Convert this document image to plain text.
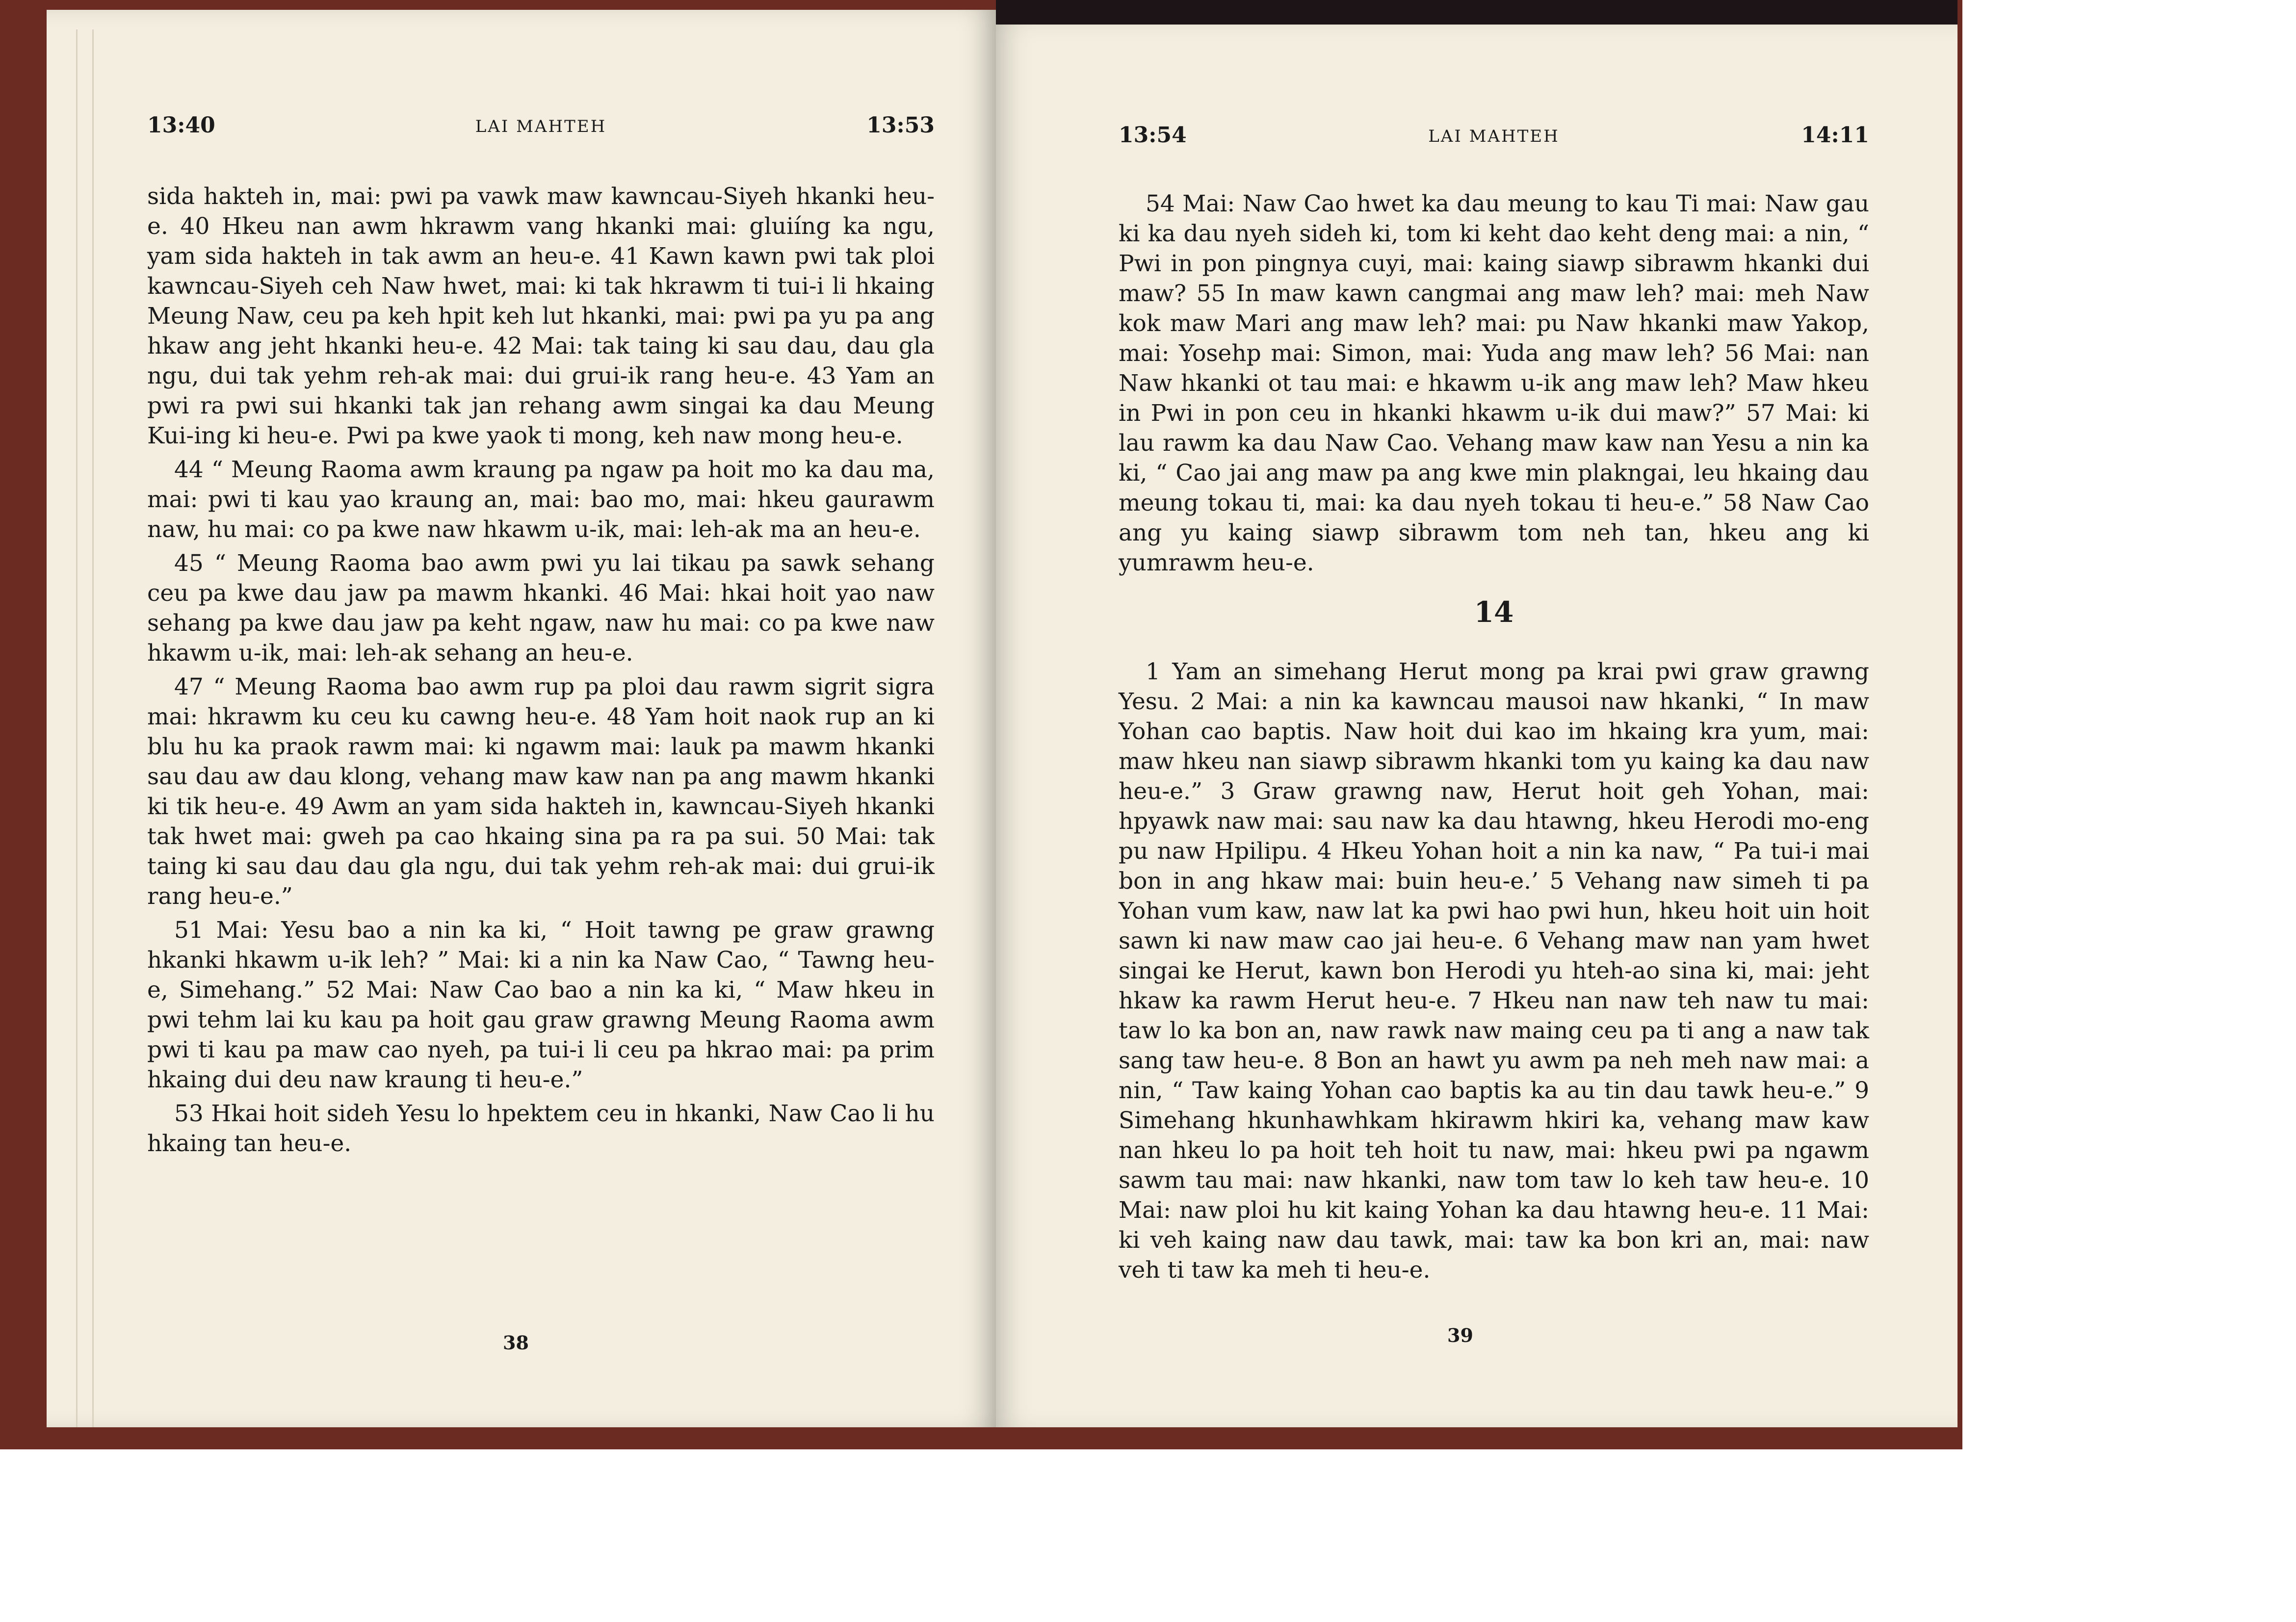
13:40	LAI MAHTEH	13:53

sida hakteh in, mai: pwi pa vawk maw kawncau-Siyeh hkanki heu-e. 40 Hkeu nan awm hkrawm vang hkanki mai: gluiíng ka ngu, yam sida hakteh in tak awm an heu-e. 41 Kawn kawn pwi tak ploi kawncau-Siyeh ceh Naw hwet, mai: ki tak hkrawm ti tui-i li hkaing Meung Naw, ceu pa keh hpit keh lut hkanki, mai: pwi pa yu pa ang hkaw ang jeht hkanki heu-e. 42 Mai: tak taing ki sau dau, dau gla ngu, dui tak yehm reh-ak mai: dui grui-ik rang heu-e. 43 Yam an pwi ra pwi sui hkanki tak jan rehang awm singai ka dau Meung Kui-ing ki heu-e. Pwi pa kwe yaok ti mong, keh naw mong heu-e.

44 “ Meung Raoma awm kraung pa ngaw pa hoit mo ka dau ma, mai: pwi ti kau yao kraung an, mai: bao mo, mai: hkeu gaurawm naw, hu mai: co pa kwe naw hkawm u-ik, mai: leh-ak ma an heu-e.

45 “ Meung Raoma bao awm pwi yu lai tikau pa sawk sehang ceu pa kwe dau jaw pa mawm hkanki. 46 Mai: hkai hoit yao naw sehang pa kwe dau jaw pa keht ngaw, naw hu mai: co pa kwe naw hkawm u-ik, mai: leh-ak sehang an heu-e.

47 “ Meung Raoma bao awm rup pa ploi dau rawm sigrit sigra mai: hkrawm ku ceu ku cawng heu-e. 48 Yam hoit naok rup an ki blu hu ka praok rawm mai: ki ngawm mai: lauk pa mawm hkanki sau dau aw dau klong, vehang maw kaw nan pa ang mawm hkanki ki tik heu-e. 49 Awm an yam sida hakteh in, kawncau-Siyeh hkanki tak hwet mai: gweh pa cao hkaing sina pa ra pa sui. 50 Mai: tak taing ki sau dau dau gla ngu, dui tak yehm reh-ak mai: dui grui-ik rang heu-e.”

51 Mai: Yesu bao a nin ka ki, “ Hoit tawng pe graw grawng hkanki hkawm u-ik leh? ” Mai: ki a nin ka Naw Cao, “ Tawng heu-e, Simehang.” 52 Mai: Naw Cao bao a nin ka ki, “ Maw hkeu in pwi tehm lai ku kau pa hoit gau graw grawng Meung Raoma awm pwi ti kau pa maw cao nyeh, pa tui-i li ceu pa hkrao mai: pa prim hkaing dui deu naw kraung ti heu-e.”

53 Hkai hoit sideh Yesu lo hpektem ceu in hkanki, Naw Cao li hu hkaing tan heu-e.

38
13:54	LAI MAHTEH	14:11

54 Mai: Naw Cao hwet ka dau meung to kau Ti mai: Naw gau ki ka dau nyeh sideh ki, tom ki keht dao keht deng mai: a nin, “ Pwi in pon pingnya cuyi, mai: kaing siawp sibrawm hkanki dui maw? 55 In maw kawn cangmai ang maw leh? mai: meh Naw kok maw Mari ang maw leh? mai: pu Naw hkanki maw Yakop, mai: Yosehp mai: Simon, mai: Yuda ang maw leh? 56 Mai: nan Naw hkanki ot tau mai: e hkawm u-ik ang maw leh? Maw hkeu in Pwi in pon ceu in hkanki hkawm u-ik dui maw?” 57 Mai: ki lau rawm ka dau Naw Cao. Vehang maw kaw nan Yesu a nin ka ki, “ Cao jai ang maw pa ang kwe min plakngai, leu hkaing dau meung tokau ti, mai: ka dau nyeh tokau ti heu-e.” 58 Naw Cao ang yu kaing siawp sibrawm tom neh tan, hkeu ang ki yumrawm heu-e.

14

1 Yam an simehang Herut mong pa krai pwi graw grawng Yesu. 2 Mai: a nin ka kawncau mausoi naw hkanki, “ In maw Yohan cao baptis. Naw hoit dui kao im hkaing kra yum, mai: maw hkeu nan siawp sibrawm hkanki tom yu kaing ka dau naw heu-e.” 3 Graw grawng naw, Herut hoit geh Yohan, mai: hpyawk naw mai: sau naw ka dau htawng, hkeu Herodi mo-eng pu naw Hpilipu. 4 Hkeu Yohan hoit a nin ka naw, “ Pa tui-i mai bon in ang hkaw mai: buin heu-e.’ 5 Vehang naw simeh ti pa Yohan vum kaw, naw lat ka pwi hao pwi hun, hkeu hoit uin hoit sawn ki naw maw cao jai heu-e. 6 Vehang maw nan yam hwet singai ke Herut, kawn bon Herodi yu hteh-ao sina ki, mai: jeht hkaw ka rawm Herut heu-e. 7 Hkeu nan naw teh naw tu mai: taw lo ka bon an, naw rawk naw maing ceu pa ti ang a naw tak sang taw heu-e. 8 Bon an hawt yu awm pa neh meh naw mai: a nin, “ Taw kaing Yohan cao baptis ka au tin dau tawk heu-e.” 9 Simehang hkunhawhkam hkirawm hkiri ka, vehang maw kaw nan hkeu lo pa hoit teh hoit tu naw, mai: hkeu pwi pa ngawm sawm tau mai: naw hkanki, naw tom taw lo keh taw heu-e. 10 Mai: naw ploi hu kit kaing Yohan ka dau htawng heu-e. 11 Mai: ki veh kaing naw dau tawk, mai: taw ka bon kri an, mai: naw veh ti taw ka meh ti heu-e.

39
